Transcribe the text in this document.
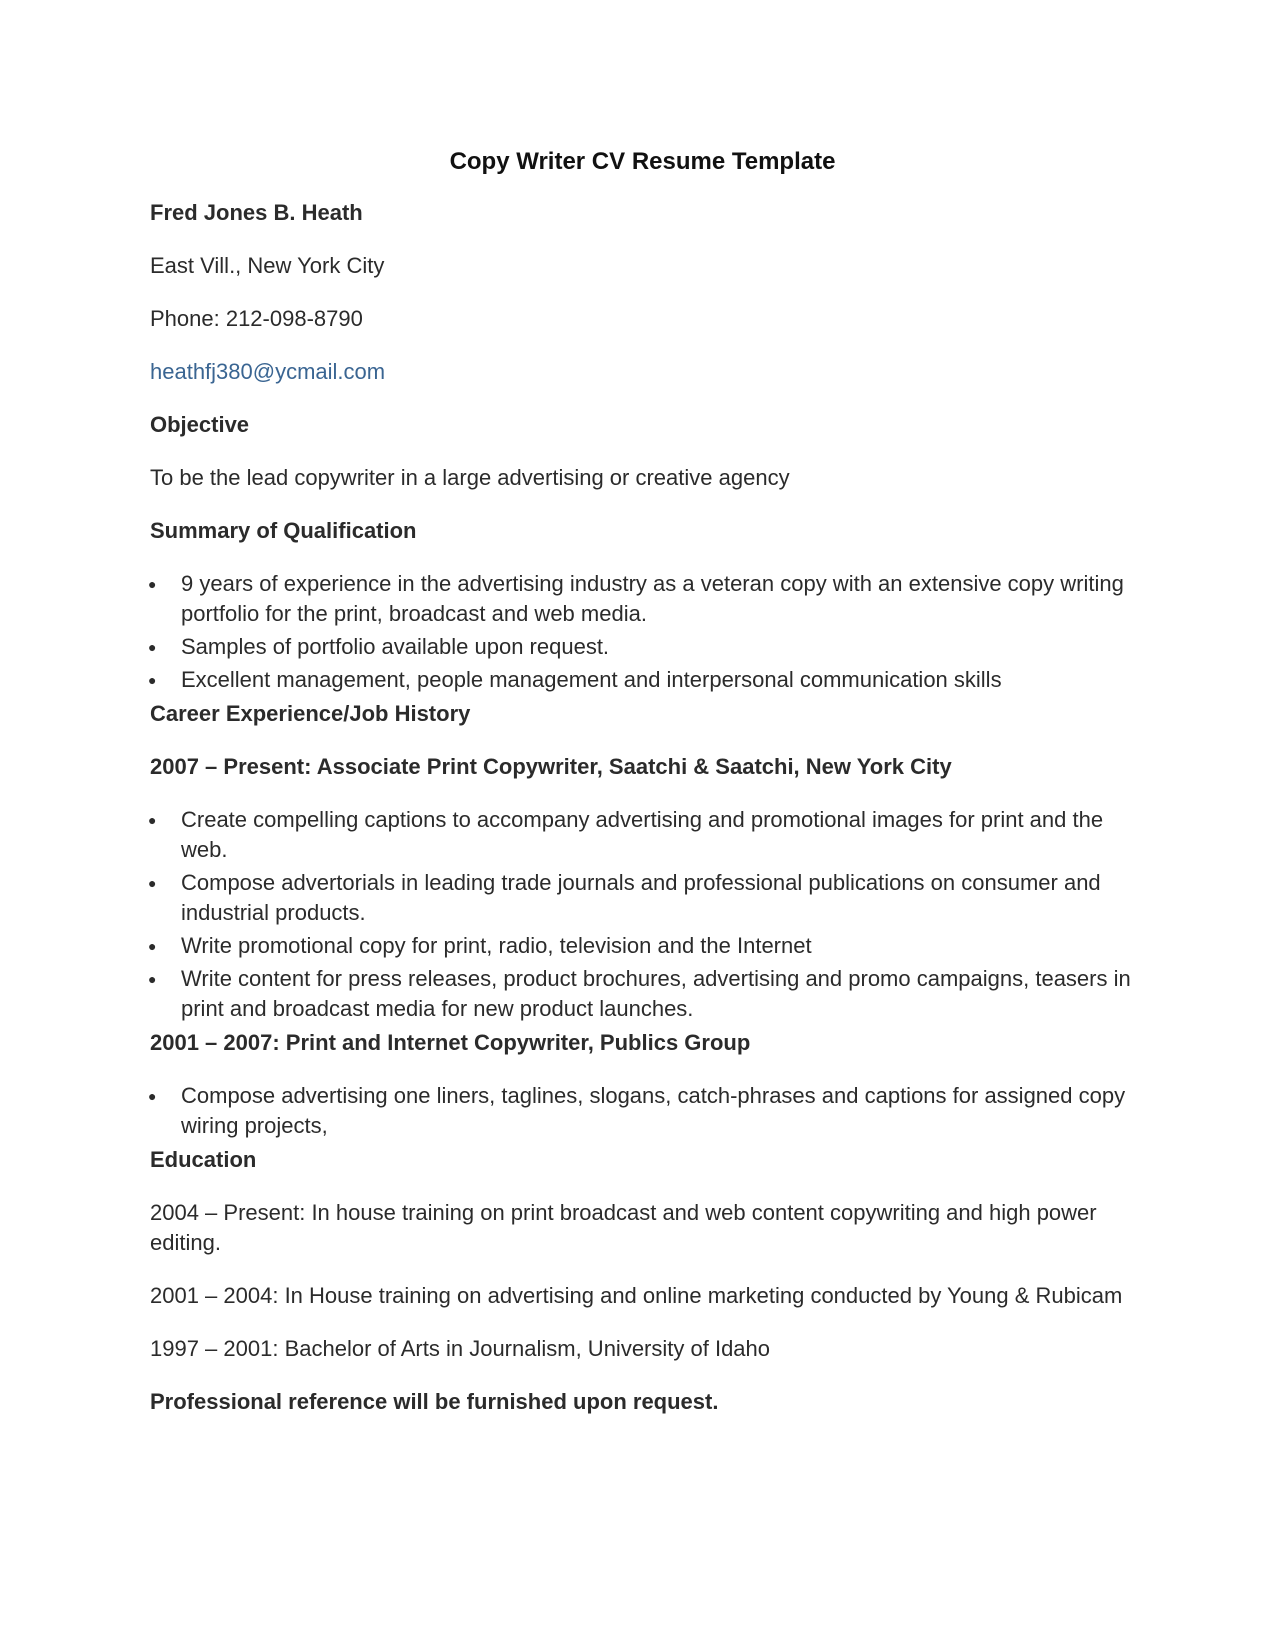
Copy Writer CV Resume Template
Fred Jones B. Heath
East Vill., New York City
Phone: 212-098-8790
heathfj380@ycmail.com
Objective
To be the lead copywriter in a large advertising or creative agency
Summary of Qualification
● 9 years of experience in the advertising industry as a veteran copy with an extensive copy writing portfolio for the print, broadcast and web media.
● Samples of portfolio available upon request.
● Excellent management, people management and interpersonal communication skills
Career Experience/Job History
2007 – Present: Associate Print Copywriter, Saatchi & Saatchi, New York City
● Create compelling captions to accompany advertising and promotional images for print and the web.
● Compose advertorials in leading trade journals and professional publications on consumer and industrial products.
● Write promotional copy for print, radio, television and the Internet
● Write content for press releases, product brochures, advertising and promo campaigns, teasers in print and broadcast media for new product launches.
2001 – 2007: Print and Internet Copywriter, Publics Group
● Compose advertising one liners, taglines, slogans, catch-phrases and captions for assigned copy wiring projects,
Education
2004 – Present: In house training on print broadcast and web content copywriting and high power editing.
2001 – 2004: In House training on advertising and online marketing conducted by Young & Rubicam
1997 – 2001: Bachelor of Arts in Journalism, University of Idaho
Professional reference will be furnished upon request.
